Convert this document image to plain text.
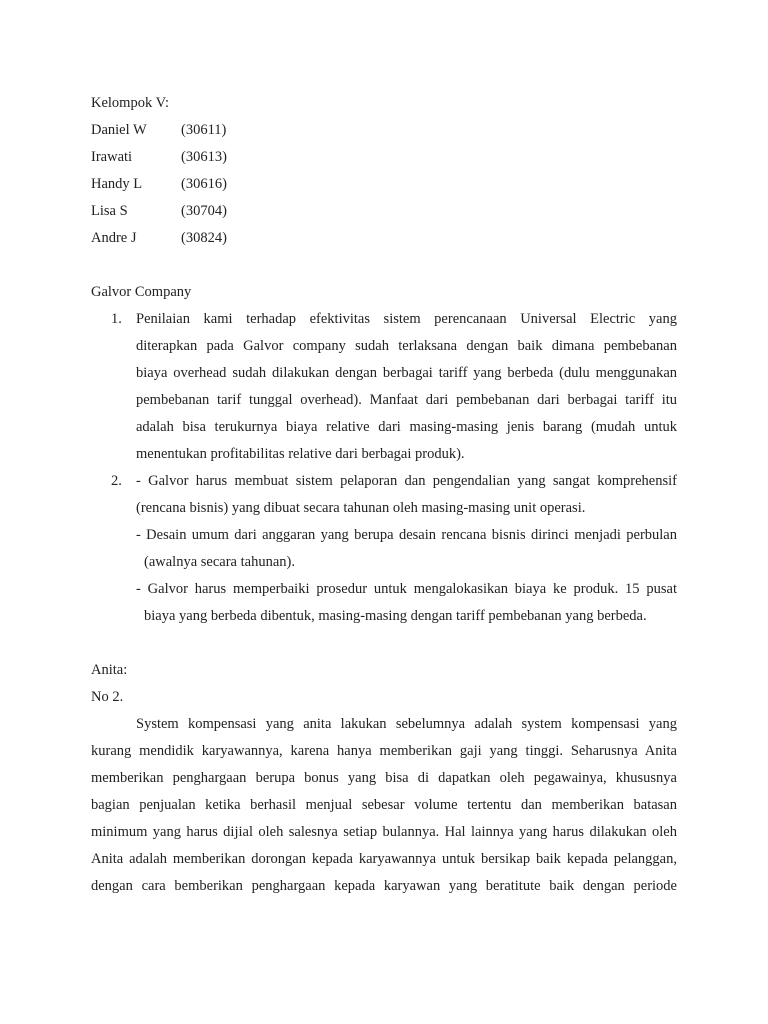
Kelompok V:
Daniel W (30611)
Irawati	(30613)
Handy L	(30616)
Lisa S	(30704)
Andre J	(30824)
Galvor Company
1. Penilaian kami terhadap efektivitas sistem perencanaan Universal Electric yang
diterapkan pada Galvor company sudah terlaksana dengan baik dimana pembebanan
biaya overhead sudah dilakukan dengan berbagai tariff yang berbeda (dulu menggunakan
pembebanan tarif tunggal overhead). Manfaat dari pembebanan dari berbagai tariff itu
adalah bisa terukurnya biaya relative dari masing-masing jenis barang (mudah untuk
menentukan profitabilitas relative dari berbagai produk).
2. - Galvor harus membuat sistem pelaporan dan pengendalian yang sangat komprehensif
(rencana bisnis) yang dibuat secara tahunan oleh masing-masing unit operasi.
- Desain umum dari anggaran yang berupa desain rencana bisnis dirinci menjadi perbulan
(awalnya secara tahunan).
- Galvor harus memperbaiki prosedur untuk mengalokasikan biaya ke produk. 15 pusat
biaya yang berbeda dibentuk, masing-masing dengan tariff pembebanan yang berbeda.
Anita:
No 2.
System kompensasi yang anita lakukan sebelumnya adalah system kompensasi yang
kurang mendidik karyawannya, karena hanya memberikan gaji yang tinggi. Seharusnya Anita
memberikan penghargaan berupa bonus yang bisa di dapatkan oleh pegawainya, khususnya
bagian penjualan ketika berhasil menjual sebesar volume tertentu dan memberikan batasan
minimum yang harus dijial oleh salesnya setiap bulannya. Hal lainnya yang harus dilakukan oleh
Anita adalah memberikan dorongan kepada karyawannya untuk bersikap baik kepada pelanggan,
dengan cara bemberikan penghargaan kepada karyawan yang beratitute baik dengan periode
